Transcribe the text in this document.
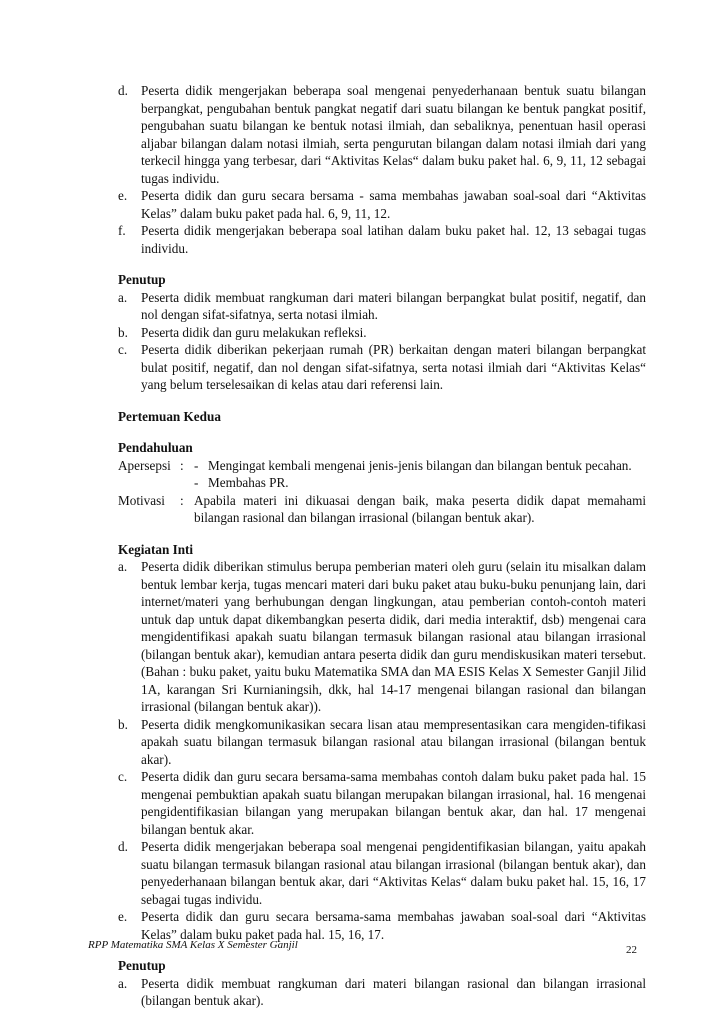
d. Peserta didik mengerjakan beberapa soal mengenai penyederhanaan bentuk suatu bilangan berpangkat, pengubahan bentuk pangkat negatif dari suatu bilangan ke bentuk pangkat positif, pengubahan suatu bilangan ke bentuk notasi ilmiah, dan sebaliknya, penentuan hasil operasi aljabar bilangan dalam notasi ilmiah, serta pengurutan bilangan dalam notasi ilmiah dari yang terkecil hingga yang terbesar, dari “Aktivitas Kelas“ dalam buku paket hal. 6, 9, 11, 12 sebagai tugas individu.
e.	Peserta didik dan guru secara bersama - sama membahas jawaban soal-soal dari “Aktivitas Kelas” dalam buku paket pada hal. 6, 9, 11, 12.
f.	Peserta didik mengerjakan beberapa soal latihan dalam buku paket hal. 12, 13 sebagai tugas individu.
Penutup
a.	Peserta didik membuat rangkuman dari materi bilangan berpangkat bulat positif, negatif, dan nol dengan sifat-sifatnya, serta notasi ilmiah.
b. Peserta didik dan guru melakukan refleksi.
c.	Peserta didik diberikan pekerjaan rumah (PR) berkaitan dengan materi bilangan berpangkat bulat positif, negatif, dan nol dengan sifat-sifatnya, serta notasi ilmiah dari “Aktivitas Kelas“ yang belum terselesaikan di kelas atau dari referensi lain.
Pertemuan Kedua
Pendahuluan
Apersepsi : - Mengingat kembali mengenai jenis-jenis bilangan dan bilangan bentuk pecahan.
- Membahas PR.
Motivasi	: Apabila materi ini dikuasai dengan baik, maka peserta didik dapat memahami bilangan rasional dan bilangan irrasional (bilangan bentuk akar).
Kegiatan Inti
a.	Peserta didik diberikan stimulus berupa pemberian materi oleh guru (selain itu misalkan dalam bentuk lembar kerja, tugas mencari materi dari buku paket atau buku-buku penunjang lain, dari internet/materi yang berhubungan dengan lingkungan, atau pemberian contoh-contoh materi untuk dap untuk dapat dikembangkan peserta didik, dari media interaktif, dsb) mengenai cara mengidentifikasi apakah suatu bilangan termasuk bilangan rasional atau bilangan irrasional (bilangan bentuk akar), kemudian antara peserta didik dan guru mendiskusikan materi tersebut. (Bahan : buku paket, yaitu buku Matematika SMA dan MA ESIS Kelas X Semester Ganjil Jilid 1A, karangan Sri Kurnianingsih, dkk, hal 14-17 mengenai bilangan rasional dan bilangan irrasional (bilangan bentuk akar)).
b. Peserta didik mengkomunikasikan secara lisan atau mempresentasikan cara mengiden-tifikasi apakah suatu bilangan termasuk bilangan rasional atau bilangan irrasional (bilangan bentuk akar).
c.	Peserta didik dan guru secara bersama-sama membahas contoh dalam buku paket pada hal. 15 mengenai pembuktian apakah suatu bilangan merupakan bilangan irrasional, hal. 16 mengenai pengidentifikasian bilangan yang merupakan bilangan bentuk akar, dan hal. 17 mengenai bilangan bentuk akar.
d. Peserta didik mengerjakan beberapa soal mengenai pengidentifikasian bilangan, yaitu apakah suatu bilangan termasuk bilangan rasional atau bilangan irrasional (bilangan bentuk akar), dan penyederhanaan bilangan bentuk akar, dari “Aktivitas Kelas“ dalam buku paket hal. 15, 16, 17 sebagai tugas individu.
e.	Peserta didik dan guru secara bersama-sama membahas jawaban soal-soal dari “Aktivitas Kelas” dalam buku paket pada hal. 15, 16, 17.
Penutup
a.	Peserta didik membuat rangkuman dari materi bilangan rasional dan bilangan irrasional (bilangan bentuk akar).
RPP Matematika SMA Kelas X Semester Ganjil	22
